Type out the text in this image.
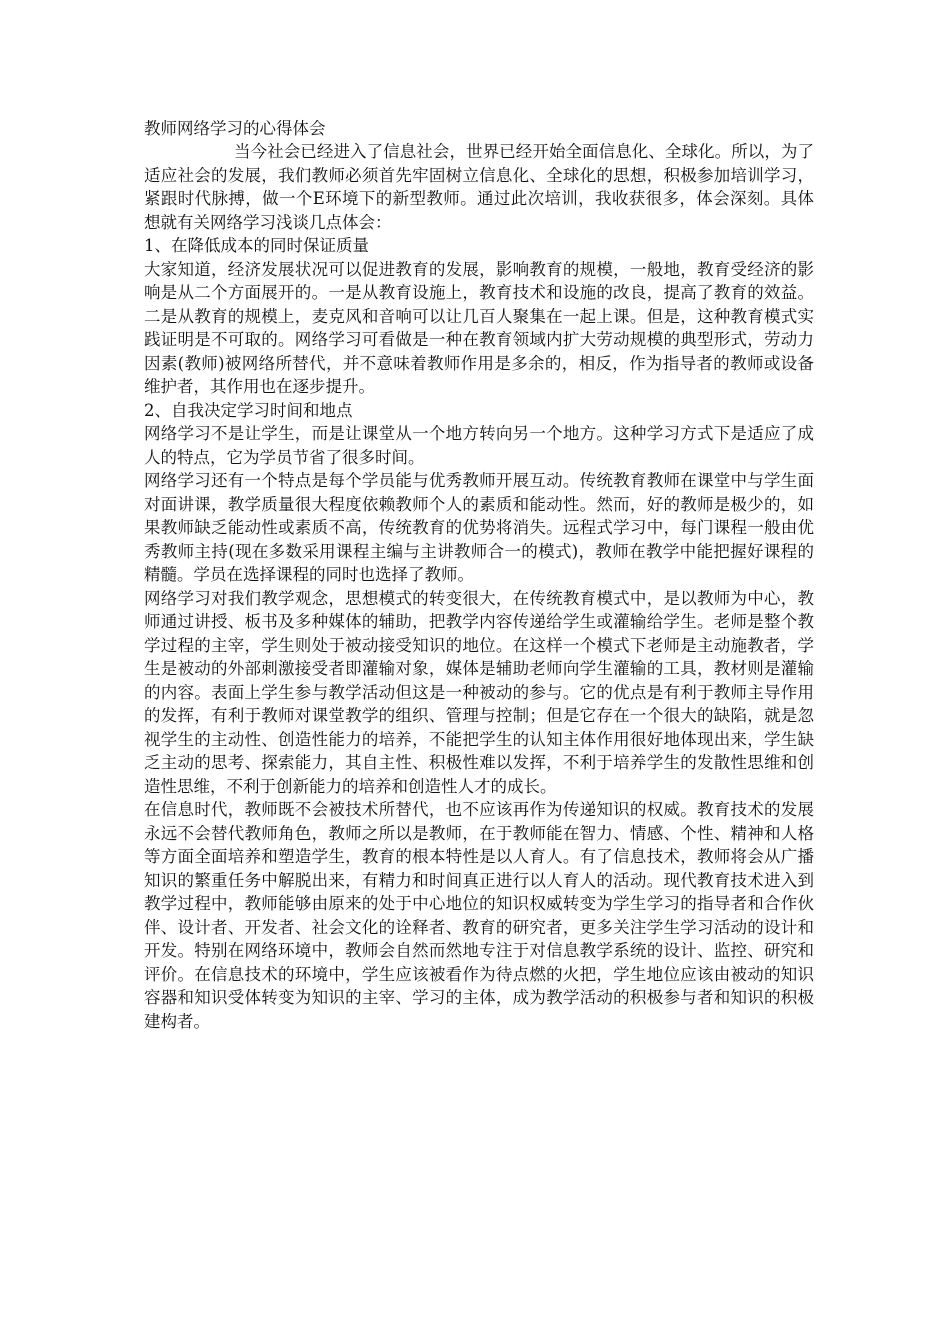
教师网络学习的心得体会

当今社会已经进入了信息社会，世界已经开始全面信息化、全球化。所以，为了适应社会的发展，我们教师必须首先牢固树立信息化、全球化的思想，积极参加培训学习，紧跟时代脉搏，做一个E环境下的新型教师。通过此次培训，我收获很多，体会深刻。具体想就有关网络学习浅谈几点体会：

1、在降低成本的同时保证质量

大家知道，经济发展状况可以促进教育的发展，影响教育的规模，一般地，教育受经济的影响是从二个方面展开的。一是从教育设施上，教育技术和设施的改良，提高了教育的效益。二是从教育的规模上，麦克风和音响可以让几百人聚集在一起上课。但是，这种教育模式实践证明是不可取的。网络学习可看做是一种在教育领域内扩大劳动规模的典型形式，劳动力因素(教师)被网络所替代，并不意味着教师作用是多余的，相反，作为指导者的教师或设备维护者，其作用也在逐步提升。

2、自我决定学习时间和地点

网络学习不是让学生，而是让课堂从一个地方转向另一个地方。这种学习方式下是适应了成人的特点，它为学员节省了很多时间。

网络学习还有一个特点是每个学员能与优秀教师开展互动。传统教育教师在课堂中与学生面对面讲课，教学质量很大程度依赖教师个人的素质和能动性。然而，好的教师是极少的，如果教师缺乏能动性或素质不高，传统教育的优势将消失。远程式学习中，每门课程一般由优秀教师主持(现在多数采用课程主编与主讲教师合一的模式)，教师在教学中能把握好课程的精髓。学员在选择课程的同时也选择了教师。

网络学习对我们教学观念，思想模式的转变很大，在传统教育模式中，是以教师为中心，教师通过讲授、板书及多种媒体的辅助，把教学内容传递给学生或灌输给学生。老师是整个教学过程的主宰，学生则处于被动接受知识的地位。在这样一个模式下老师是主动施教者，学生是被动的外部刺激接受者即灌输对象，媒体是辅助老师向学生灌输的工具，教材则是灌输的内容。表面上学生参与教学活动但这是一种被动的参与。它的优点是有利于教师主导作用的发挥，有利于教师对课堂教学的组织、管理与控制；但是它存在一个很大的缺陷，就是忽视学生的主动性、创造性能力的培养，不能把学生的认知主体作用很好地体现出来，学生缺乏主动的思考、探索能力，其自主性、积极性难以发挥，不利于培养学生的发散性思维和创造性思维，不利于创新能力的培养和创造性人才的成长。

在信息时代，教师既不会被技术所替代，也不应该再作为传递知识的权威。教育技术的发展永远不会替代教师角色，教师之所以是教师，在于教师能在智力、情感、个性、精神和人格等方面全面培养和塑造学生，教育的根本特性是以人育人。有了信息技术，教师将会从广播知识的繁重任务中解脱出来，有精力和时间真正进行以人育人的活动。现代教育技术进入到教学过程中，教师能够由原来的处于中心地位的知识权威转变为学生学习的指导者和合作伙伴、设计者、开发者、社会文化的诠释者、教育的研究者，更多关注学生学习活动的设计和开发。特别在网络环境中，教师会自然而然地专注于对信息教学系统的设计、监控、研究和评价。在信息技术的环境中，学生应该被看作为待点燃的火把，学生地位应该由被动的知识容器和知识受体转变为知识的主宰、学习的主体，成为教学活动的积极参与者和知识的积极建构者。
